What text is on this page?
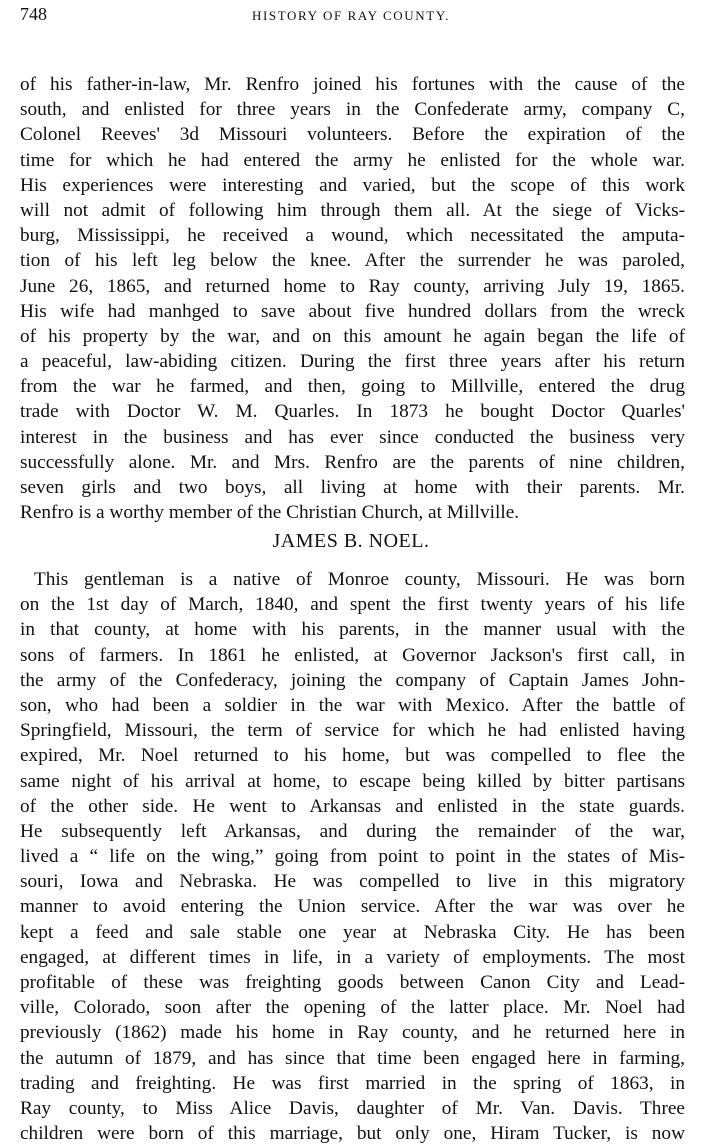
748	HISTORY OF RAY COUNTY.
of his father-in-law, Mr. Renfro joined his fortunes with the cause of the
south, and enlisted for three years in the Confederate army, company C,
Colonel Reeves' 3d Missouri volunteers. Before the expiration of the
time for which he had entered the army he enlisted for the whole war.
His experiences were interesting and varied, but the scope of this work
will not admit of following him through them all. At the siege of Vicks-
burg, Mississippi, he received a wound, which necessitated the amputa-
tion of his left leg below the knee. After the surrender he was paroled,
June 26, 1865, and returned home to Ray county, arriving July 19, 1865.
His wife had manhged to save about five hundred dollars from the wreck
of his property by the war, and on this amount he again began the life of
a peaceful, law-abiding citizen. During the first three years after his return
from the war he farmed, and then, going to Millville, entered the drug
trade with Doctor W. M. Quarles. In 1873 he bought Doctor Quarles'
interest in the business and has ever since conducted the business very
successfully alone. Mr. and Mrs. Renfro are the parents of nine children,
seven girls and two boys, all living at home with their parents. Mr.
Renfro is a worthy member of the Christian Church, at Millville.
JAMES B. NOEL.
This gentleman is a native of Monroe county, Missouri. He was born
on the 1st day of March, 1840, and spent the first twenty years of his life
in that county, at home with his parents, in the manner usual with the
sons of farmers. In 1861 he enlisted, at Governor Jackson's first call, in
the army of the Confederacy, joining the company of Captain James John-
son, who had been a soldier in the war with Mexico. After the battle of
Springfield, Missouri, the term of service for which he had enlisted having
expired, Mr. Noel returned to his home, but was compelled to flee the
same night of his arrival at home, to escape being killed by bitter partisans
of the other side. He went to Arkansas and enlisted in the state guards.
He subsequently left Arkansas, and during the remainder of the war,
lived a “ life on the wing,” going from point to point in the states of Mis-
souri, Iowa and Nebraska. He was compelled to live in this migratory
manner to avoid entering the Union service. After the war was over he
kept a feed and sale stable one year at Nebraska City. He has been
engaged, at different times in life, in a variety of employments. The most
profitable of these was freighting goods between Canon City and Lead-
ville, Colorado, soon after the opening of the latter place. Mr. Noel had
previously (1862) made his home in Ray county, and he returned here in
the autumn of 1879, and has since that time been engaged here in farming,
trading and freighting. He was first married in the spring of 1863, in
Ray county, to Miss Alice Davis, daughter of Mr. Van. Davis. Three
children were born of this marriage, but only one, Hiram Tucker, is now
